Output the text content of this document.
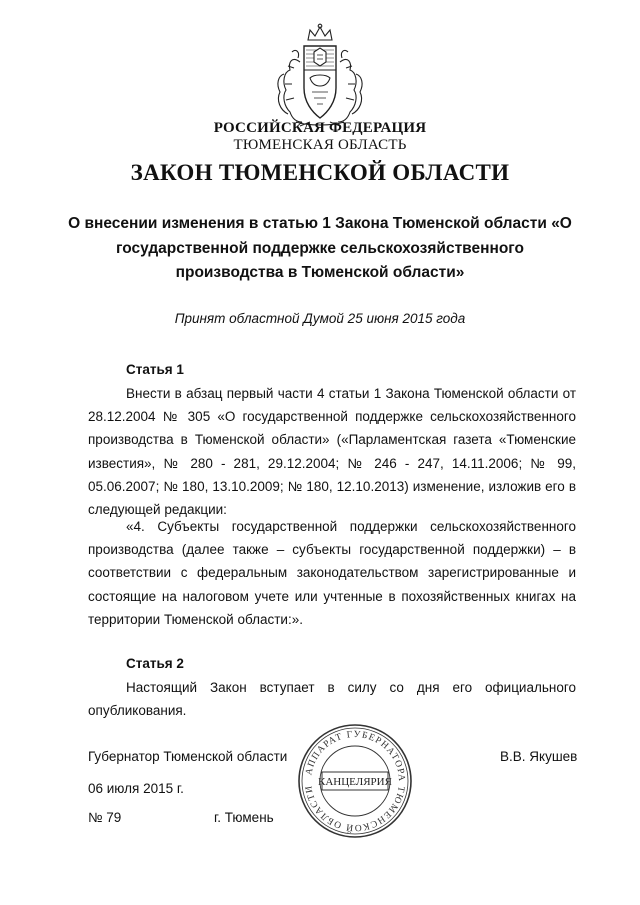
РОССИЙСКАЯ ФЕДЕРАЦИЯ
ТЮМЕНСКАЯ ОБЛАСТЬ
ЗАКОН ТЮМЕНСКОЙ ОБЛАСТИ
О внесении изменения в статью 1 Закона Тюменской области «О государственной поддержке сельскохозяйственного производства в Тюменской области»
Принят областной Думой 25 июня 2015 года
Статья 1

Внести в абзац первый части 4 статьи 1 Закона Тюменской области от 28.12.2004 № 305 «О государственной поддержке сельскохозяйственного производства в Тюменской области» («Парламентская газета «Тюменские известия», № 280 - 281, 29.12.2004; № 246 - 247, 14.11.2006; № 99, 05.06.2007; № 180, 13.10.2009; № 180, 12.10.2013) изменение, изложив его в следующей редакции:

«4. Субъекты государственной поддержки сельскохозяйственного производства (далее также – субъекты государственной поддержки) – в соответствии с федеральным законодательством зарегистрированные и состоящие на налоговом учете или учтенные в похозяйственных книгах на территории Тюменской области:».

Статья 2

Настоящий Закон вступает в силу со дня его официального опубликования.

Губернатор Тюменской области	В.В. Якушев
06 июля 2015 г.
№ 79	г. Тюмень
АППАРАТ ГУБЕРНАТОРА ТЮМЕНСКОЙ ОБЛАСТИ
КАНЦЕЛЯРИЯ
